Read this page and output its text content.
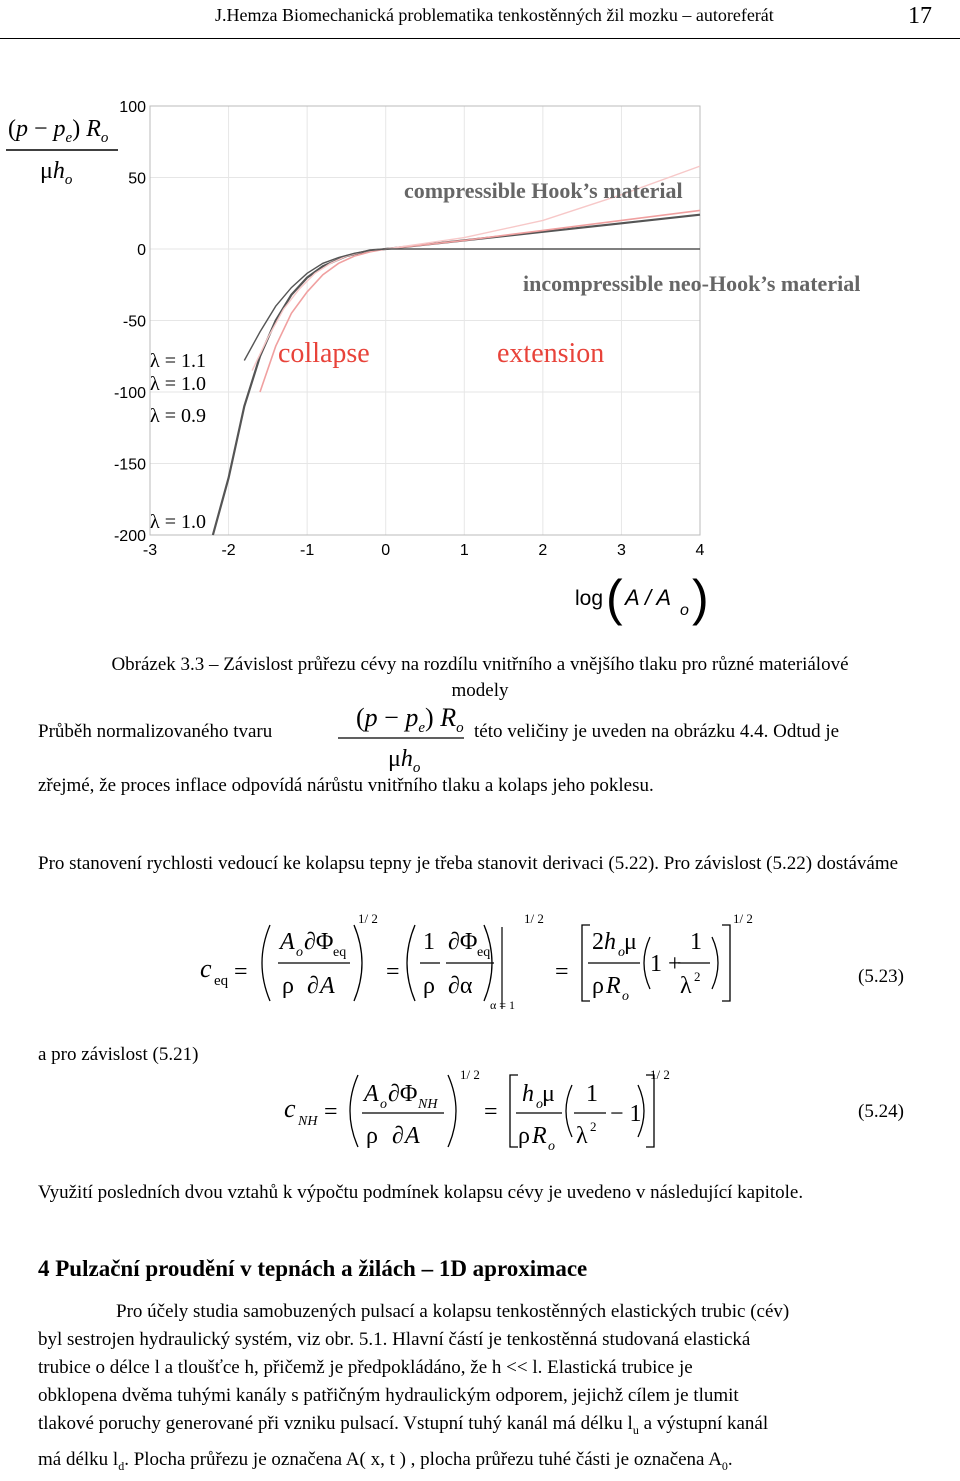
J.Hemza Biomechanická problematika tenkostěnných žil mozku – autoreferát	17
-3	-2	-1	0	1	2	3	4
100
50
0
-50
-100
-150
-200
$(p - p_e)$ $R_o$
$\mu h_o$	compressible Hook’s material
incompressible neo-Hook’s material
collapse	extension
λ = 1.1
λ = 1.0
λ = 0.9
λ = 1.0
log ( A / A
o )
Obrázek 3.3 – Závislost průřezu cévy na rozdílu vnitřního a vnějšího tlaku pro různé materiálové
modely
Průběh normalizovaného tvaru	této veličiny je uveden na obrázku 4.4. Odtud je
$(p - p_e)$ $R_o$
$\mu h_o$
zřejmé, že proces inflace odpovídá nárůstu vnitřního tlaku a kolaps jeho poklesu.
Pro stanovení rychlosti vedoucí ke kolapsu tepny je třeba stanovit derivaci (5.22). Pro závislost (5.22) dostáváme
c eq =
A o ∂Φ eq
ρ ∂ A
1/ 2
=
1 ∂Φ eq
ρ ∂α
α = 1
1/ 2
=
2 h o μ
ρ R o
1 +
1
λ 2
1/ 2
(5.23)
a pro závislost (5.21)
c NH =
A o ∂Φ NH
ρ ∂ A
1/ 2
=
h o μ
ρ R o
1
λ 2 − 1
1/ 2
(5.24)
Využití posledních dvou vztahů k výpočtu podmínek kolapsu cévy je uvedeno v následující kapitole.
4 Pulzační proudění v tepnách a žilách – 1D aproximace
Pro účely studia samobuzených pulsací a kolapsu tenkostěnných elastických trubic (cév)
byl sestrojen hydraulický systém, viz obr. 5.1. Hlavní částí je tenkostěnná studovaná elastická
trubice o délce l a tloušťce h, přičemž je předpokládáno, že h << l. Elastická trubice je
obklopena dvěma tuhými kanály s patřičným hydraulickým odporem, jejichž cílem je tlumit
tlakové poruchy generované při vzniku pulsací. Vstupní tuhý kanál má délku $l_u$ a výstupní kanál
má délku $l_d$. Plocha průřezu je označena A( x, t ) , plocha průřezu tuhé části je označena $A_0$.
